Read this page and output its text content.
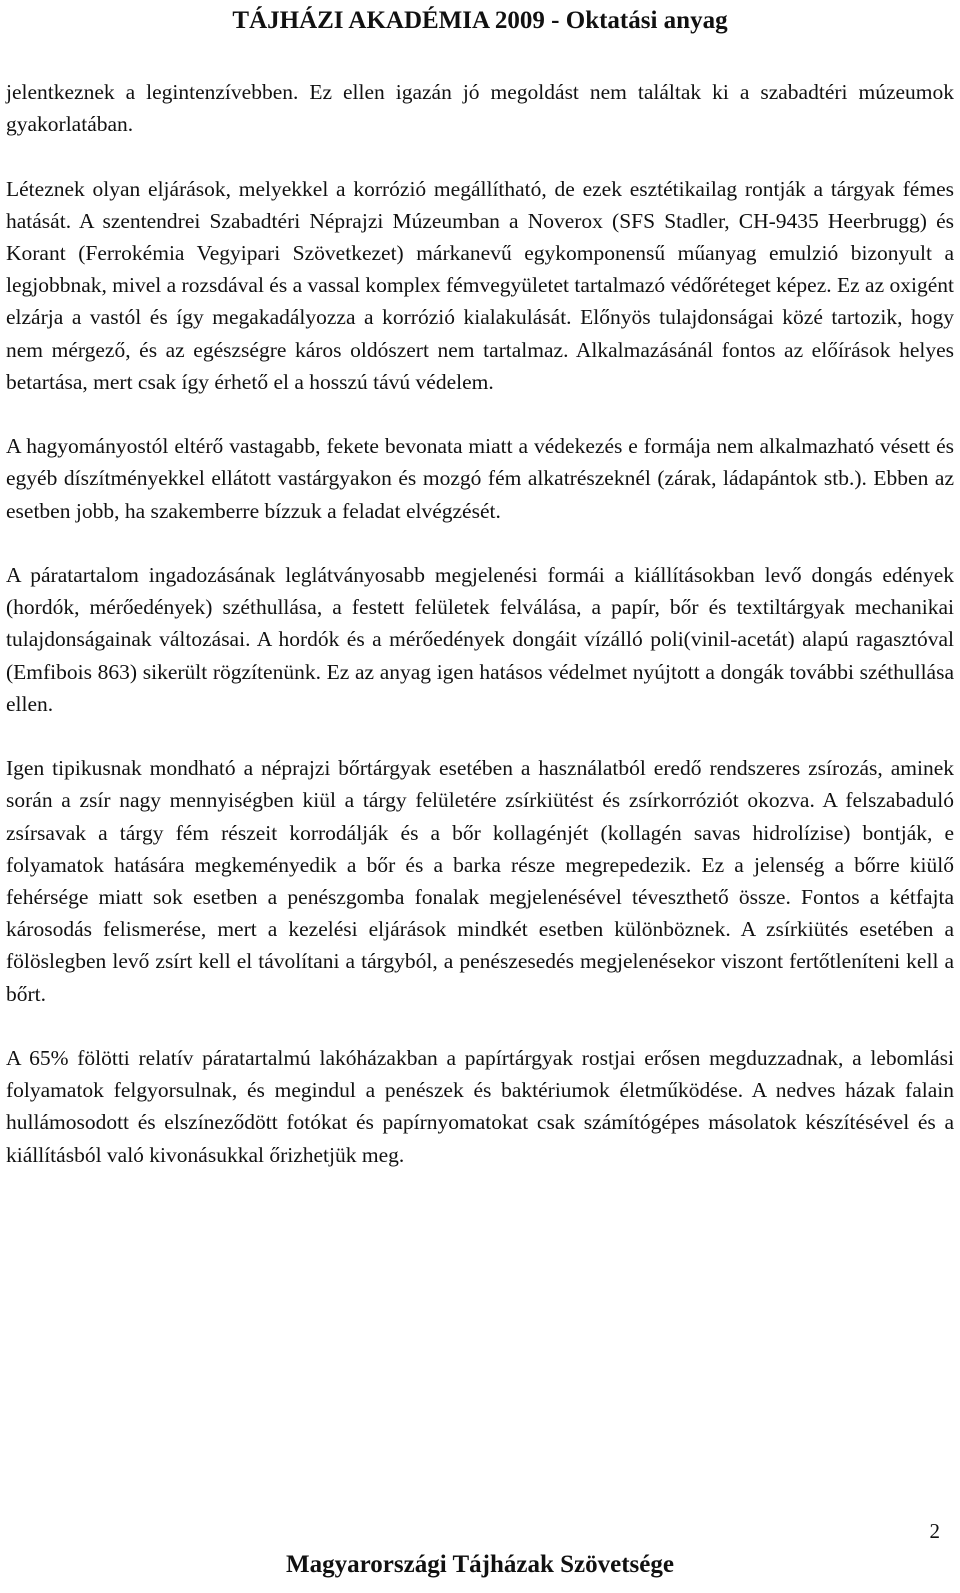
TÁJHÁZI AKADÉMIA 2009 - Oktatási anyag

jelentkeznek a legintenzívebben. Ez ellen igazán jó megoldást nem találtak ki a szabadtéri múzeumok gyakorlatában.

Léteznek olyan eljárások, melyekkel a korrózió megállítható, de ezek esztétikailag rontják a tárgyak fémes hatását. A szentendrei Szabadtéri Néprajzi Múzeumban a Noverox (SFS Stadler, CH-9435 Heerbrugg) és Korant (Ferrokémia Vegyipari Szövetkezet) márkanevű egykomponensű műanyag emulzió bizonyult a legjobbnak, mivel a rozsdával és a vassal komplex fémvegyületet tartalmazó védőréteget képez. Ez az oxigént elzárja a vastól és így megakadályozza a korrózió kialakulását. Előnyös tulajdonságai közé tartozik, hogy nem mérgező, és az egészségre káros oldószert nem tartalmaz. Alkalmazásánál fontos az előírások helyes betartása, mert csak így érhető el a hosszú távú védelem.

A hagyományostól eltérő vastagabb, fekete bevonata miatt a védekezés e formája nem alkalmazható vésett és egyéb díszítményekkel ellátott vastárgyakon és mozgó fém alkatrészeknél (zárak, ládapántok stb.). Ebben az esetben jobb, ha szakemberre bízzuk a feladat elvégzését.

A páratartalom ingadozásának leglátványosabb megjelenési formái a kiállításokban levő dongás edények (hordók, mérőedények) széthullása, a festett felületek felválása, a papír, bőr és textiltárgyak mechanikai tulajdonságainak változásai. A hordók és a mérőedények dongáit vízálló poli(vinil-acetát) alapú ragasztóval (Emfibois 863) sikerült rögzítenünk. Ez az anyag igen hatásos védelmet nyújtott a dongák további széthullása ellen.

Igen tipikusnak mondható a néprajzi bőrtárgyak esetében a használatból eredő rendszeres zsírozás, aminek során a zsír nagy mennyiségben kiül a tárgy felületére zsírkiütést és zsírkorróziót okozva. A felszabaduló zsírsavak a tárgy fém részeit korrodálják és a bőr kollagénjét (kollagén savas hidrolízise) bontják, e folyamatok hatására megkeményedik a bőr és a barka része megrepedezik. Ez a jelenség a bőrre kiülő fehérsége miatt sok esetben a penészgomba fonalak megjelenésével téveszthető össze. Fontos a kétfajta károsodás felismerése, mert a kezelési eljárások mindkét esetben különböznek. A zsírkiütés esetében a fölöslegben levő zsírt kell el távolítani a tárgyból, a penészesedés megjelenésekor viszont fertőtleníteni kell a bőrt.

A 65% fölötti relatív páratartalmú lakóházakban a papírtárgyak rostjai erősen megduzzadnak, a lebomlási folyamatok felgyorsulnak, és megindul a penészek és baktériumok életműködése. A nedves házak falain hullámosodott és elszíneződött fotókat és papírnyomatokat csak számítógépes másolatok készítésével és a kiállításból való kivonásukkal őrizhetjük meg.

2
Magyarországi Tájházak Szövetsége
